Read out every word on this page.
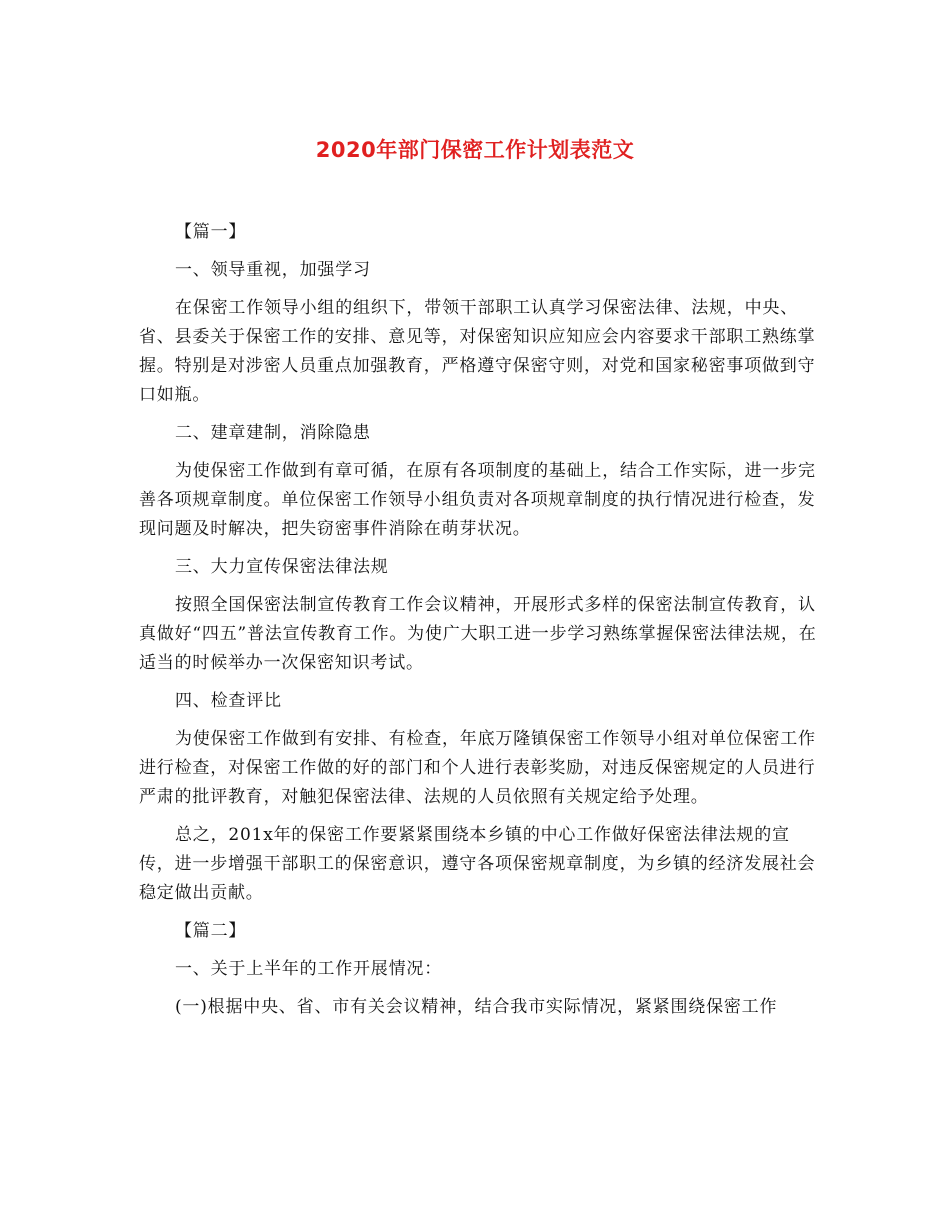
2020年部门保密工作计划表范文

【篇一】

一、领导重视，加强学习

在保密工作领导小组的组织下，带领干部职工认真学习保密法律、法规，中央、省、县委关于保密工作的安排、意见等，对保密知识应知应会内容要求干部职工熟练掌握。特别是对涉密人员重点加强教育，严格遵守保密守则，对党和国家秘密事项做到守口如瓶。

二、建章建制，消除隐患

为使保密工作做到有章可循，在原有各项制度的基础上，结合工作实际，进一步完善各项规章制度。单位保密工作领导小组负责对各项规章制度的执行情况进行检查，发现问题及时解决，把失窃密事件消除在萌芽状况。

三、大力宣传保密法律法规

按照全国保密法制宣传教育工作会议精神，开展形式多样的保密法制宣传教育，认真做好“四五”普法宣传教育工作。为使广大职工进一步学习熟练掌握保密法律法规，在适当的时候举办一次保密知识考试。

四、检查评比

为使保密工作做到有安排、有检查，年底万隆镇保密工作领导小组对单位保密工作进行检查，对保密工作做的好的部门和个人进行表彰奖励，对违反保密规定的人员进行严肃的批评教育，对触犯保密法律、法规的人员依照有关规定给予处理。

总之，201x年的保密工作要紧紧围绕本乡镇的中心工作做好保密法律法规的宣传，进一步增强干部职工的保密意识，遵守各项保密规章制度，为乡镇的经济发展社会稳定做出贡献。

【篇二】

一、关于上半年的工作开展情况：

(一)根据中央、省、市有关会议精神，结合我市实际情况，紧紧围绕保密工作
